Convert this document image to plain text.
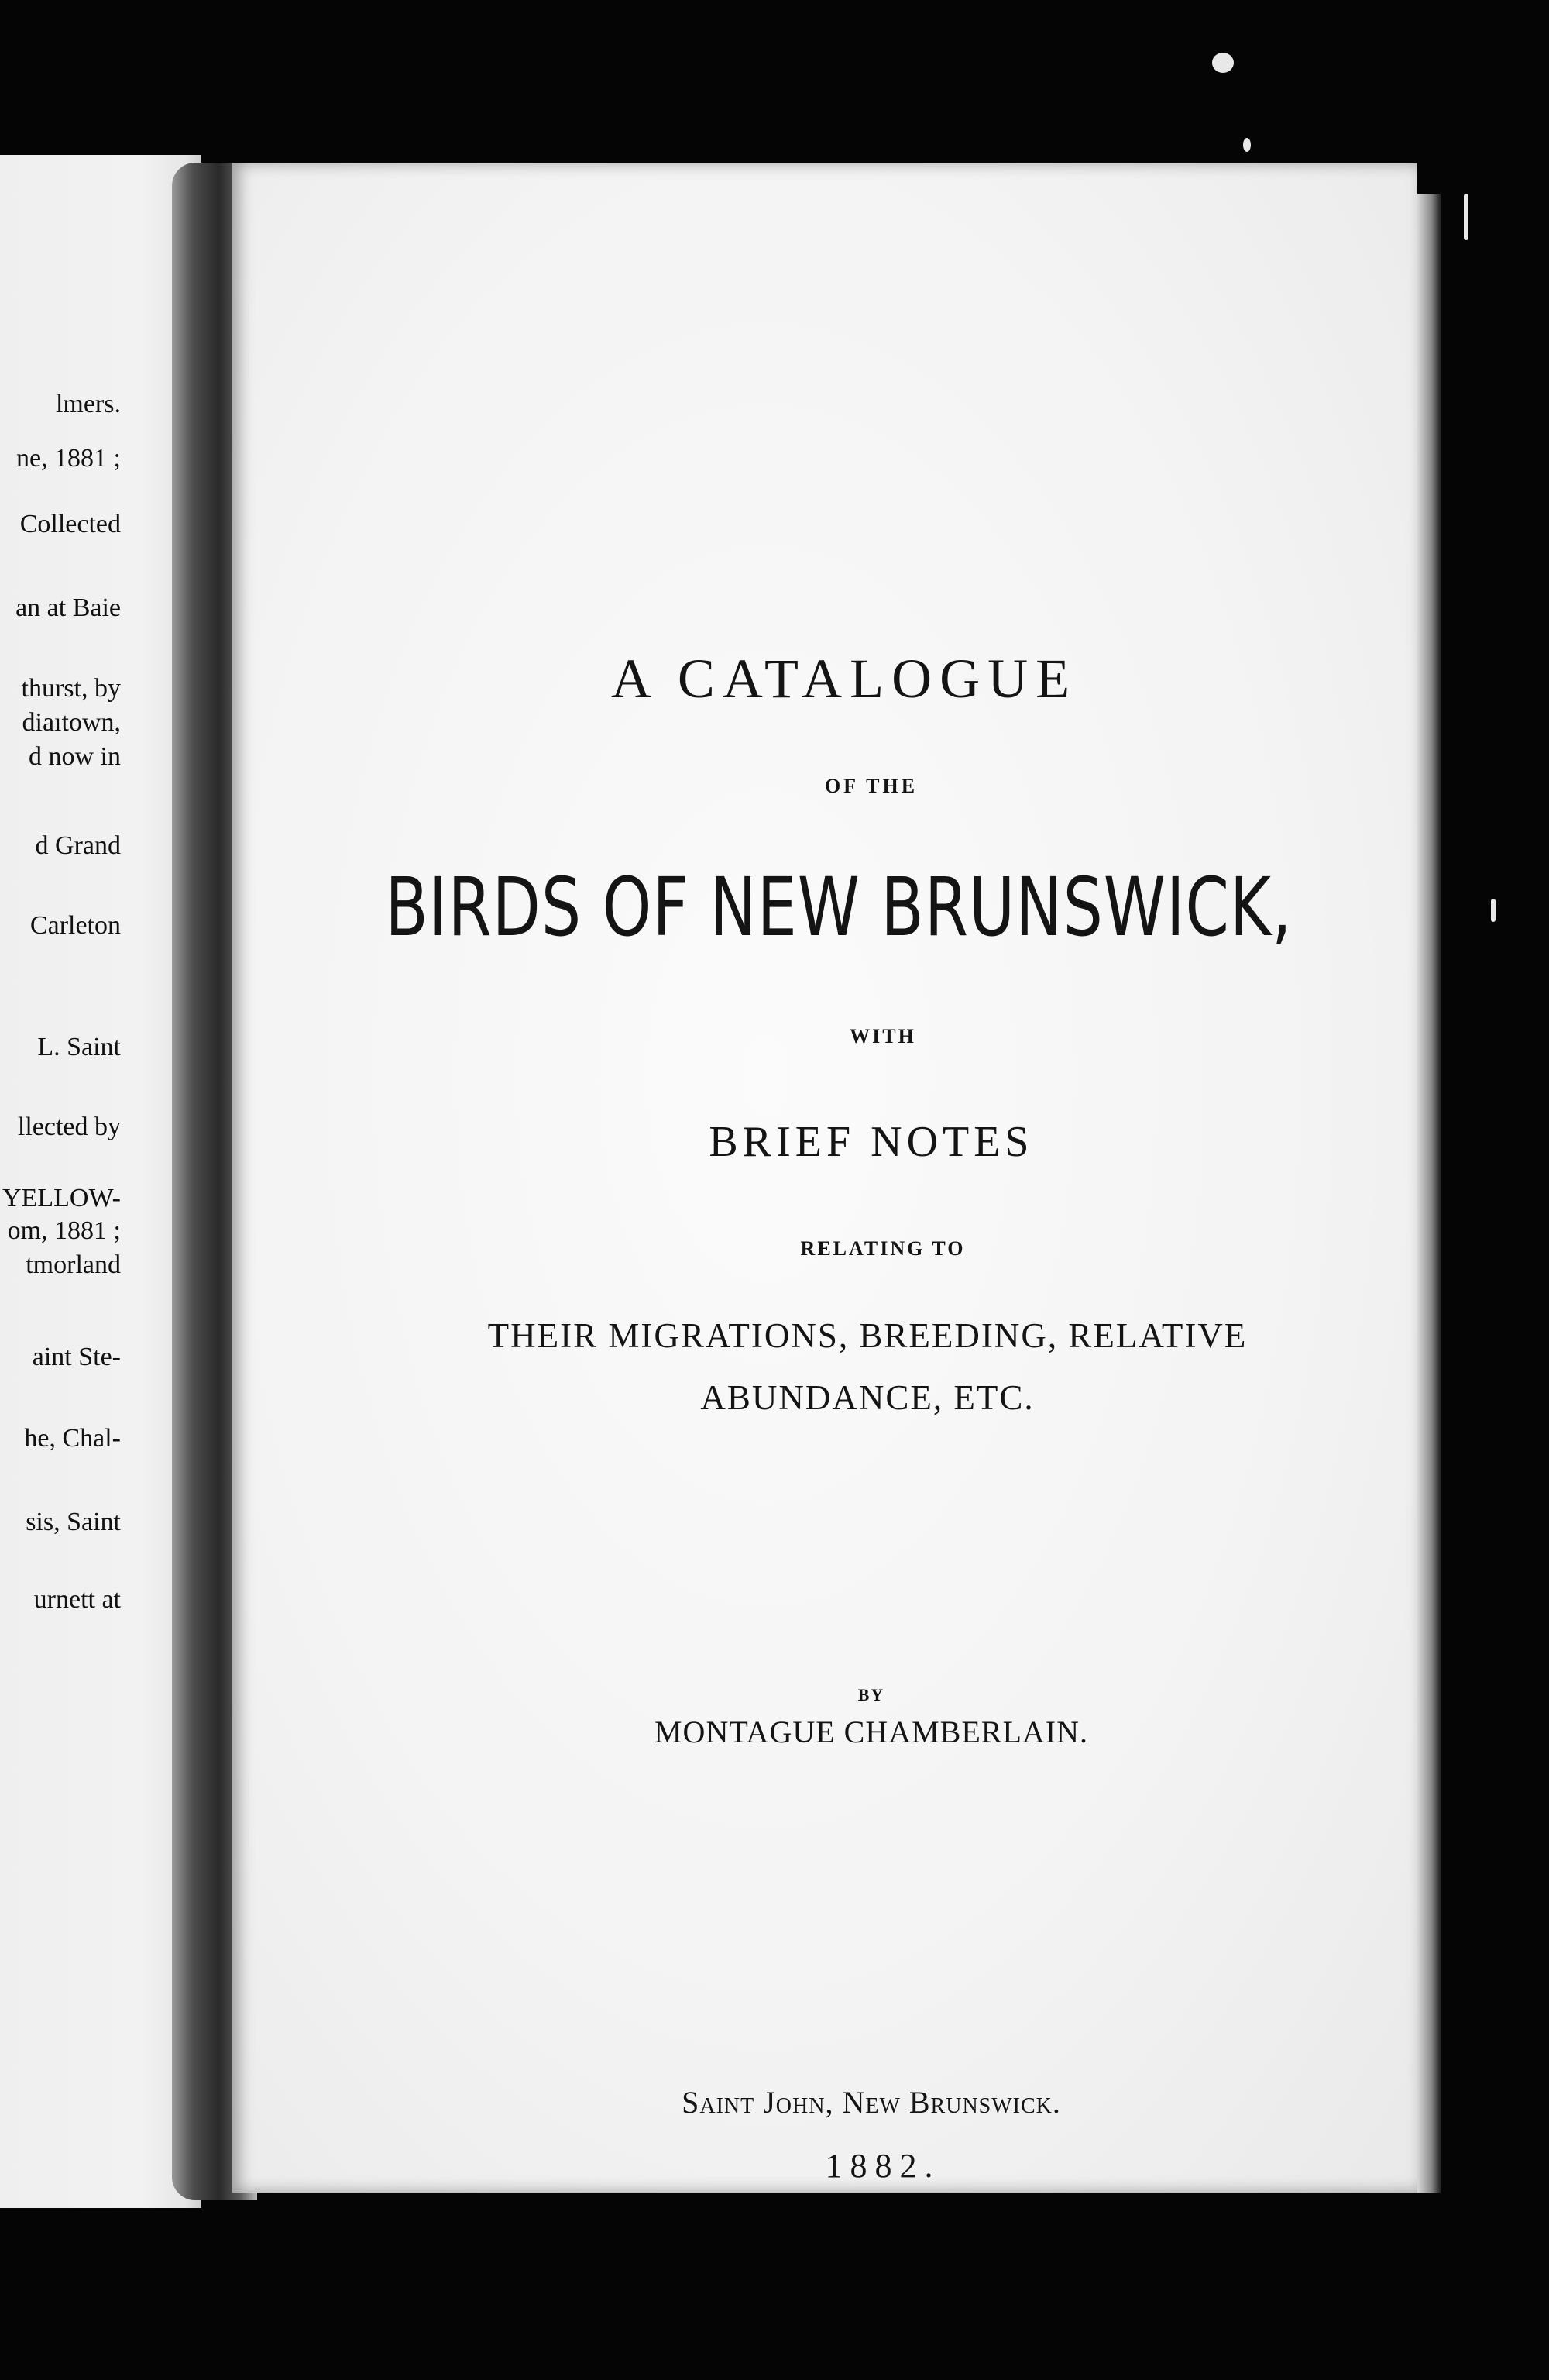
lmers.
ne, 1881 ;
Collected
an at Baie
thurst, by
diaıtown,
d now in
d Grand
Carleton
L. Saint
llected by
YELLOW-
om, 1881 ;
tmorland
aint Ste-
he, Chal-
sis, Saint
urnett at
A CATALOGUE
OF THE
BIRDS OF NEW BRUNSWICK,
WITH
BRIEF NOTES
RELATING TO
THEIR MIGRATIONS, BREEDING, RELATIVE
ABUNDANCE, ETC.
BY
MONTAGUE CHAMBERLAIN.
Saint John, New Brunswick.
1882.
